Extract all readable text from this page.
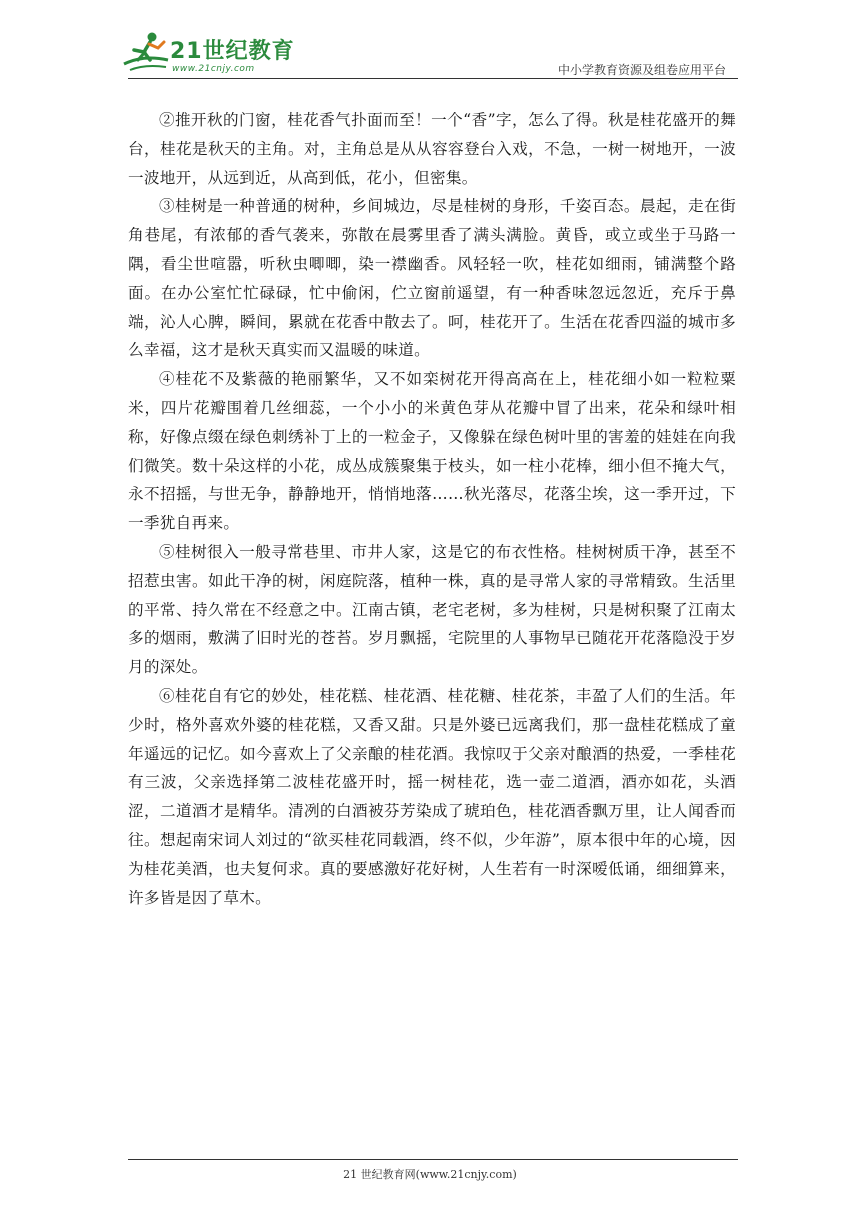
21世纪教育
www.21cnjy.com	中小学教育资源及组卷应用平台

②推开秋的门窗，桂花香气扑面而至！一个“香”字，怎么了得。秋是桂花盛开的舞台，桂花是秋天的主角。对，主角总是从从容容登台入戏，不急，一树一树地开，一波一波地开，从远到近，从高到低，花小，但密集。

③桂树是一种普通的树种，乡间城边，尽是桂树的身形，千姿百态。晨起，走在街角巷尾，有浓郁的香气袭来，弥散在晨雾里香了满头满脸。黄昏，或立或坐于马路一隅，看尘世喧嚣，听秋虫唧唧，染一襟幽香。风轻轻一吹，桂花如细雨，铺满整个路面。在办公室忙忙碌碌，忙中偷闲，伫立窗前遥望，有一种香味忽远忽近，充斥于鼻端，沁人心脾，瞬间，累就在花香中散去了。呵，桂花开了。生活在花香四溢的城市多么幸福，这才是秋天真实而又温暖的味道。

④桂花不及紫薇的艳丽繁华，又不如栾树花开得高高在上，桂花细小如一粒粒粟米，四片花瓣围着几丝细蕊，一个小小的米黄色芽从花瓣中冒了出来，花朵和绿叶相称，好像点缀在绿色刺绣补丁上的一粒金子，又像躲在绿色树叶里的害羞的娃娃在向我们微笑。数十朵这样的小花，成丛成簇聚集于枝头，如一柱小花棒，细小但不掩大气，永不招摇，与世无争，静静地开，悄悄地落……秋光落尽，花落尘埃，这一季开过，下一季犹自再来。

⑤桂树很入一般寻常巷里、市井人家，这是它的布衣性格。桂树树质干净，甚至不招惹虫害。如此干净的树，闲庭院落，植种一株，真的是寻常人家的寻常精致。生活里的平常、持久常在不经意之中。江南古镇，老宅老树，多为桂树，只是树积聚了江南太多的烟雨，敷满了旧时光的苍苔。岁月飘摇，宅院里的人事物早已随花开花落隐没于岁月的深处。

⑥桂花自有它的妙处，桂花糕、桂花酒、桂花糖、桂花茶，丰盈了人们的生活。年少时，格外喜欢外婆的桂花糕，又香又甜。只是外婆已远离我们，那一盘桂花糕成了童年遥远的记忆。如今喜欢上了父亲酿的桂花酒。我惊叹于父亲对酿酒的热爱，一季桂花有三波，父亲选择第二波桂花盛开时，摇一树桂花，选一壶二道酒，酒亦如花，头酒涩，二道酒才是精华。清冽的白酒被芬芳染成了琥珀色，桂花酒香飘万里，让人闻香而往。想起南宋词人刘过的“欲买桂花同载酒，终不似，少年游”，原本很中年的心境，因为桂花美酒，也夫复何求。真的要感激好花好树，人生若有一时深嗳低诵，细细算来，许多皆是因了草木。

21 世纪教育网(www.21cnjy.com)
